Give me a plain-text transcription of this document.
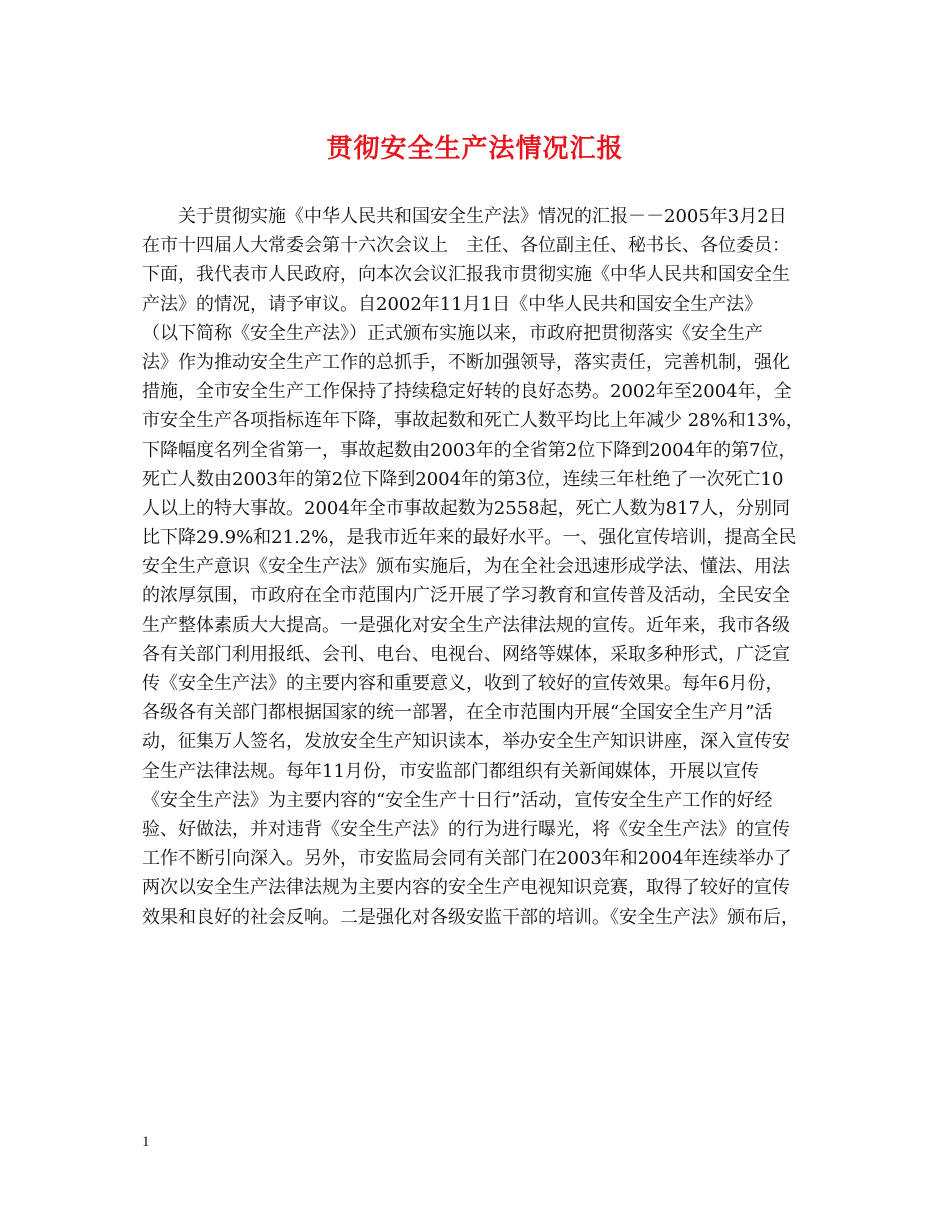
贯彻安全生产法情况汇报
关于贯彻实施《中华人民共和国安全生产法》情况的汇报－－2005年3月2日
在市十四届人大常委会第十六次会议上　主任、各位副主任、秘书长、各位委员：
下面，我代表市人民政府，向本次会议汇报我市贯彻实施《中华人民共和国安全生
产法》的情况，请予审议。自2002年11月1日《中华人民共和国安全生产法》
（以下简称《安全生产法》）正式颁布实施以来，市政府把贯彻落实《安全生产
法》作为推动安全生产工作的总抓手，不断加强领导，落实责任，完善机制，强化
措施，全市安全生产工作保持了持续稳定好转的良好态势。2002年至2004年，全
市安全生产各项指标连年下降，事故起数和死亡人数平均比上年减少 28%和13%，
下降幅度名列全省第一，事故起数由2003年的全省第2位下降到2004年的第7位，
死亡人数由2003年的第2位下降到2004年的第3位，连续三年杜绝了一次死亡10
人以上的特大事故。2004年全市事故起数为2558起，死亡人数为817人，分别同
比下降29.9%和21.2%，是我市近年来的最好水平。一、强化宣传培训，提高全民
安全生产意识《安全生产法》颁布实施后，为在全社会迅速形成学法、懂法、用法
的浓厚氛围，市政府在全市范围内广泛开展了学习教育和宣传普及活动，全民安全
生产整体素质大大提高。一是强化对安全生产法律法规的宣传。近年来，我市各级
各有关部门利用报纸、会刊、电台、电视台、网络等媒体，采取多种形式，广泛宣
传《安全生产法》的主要内容和重要意义，收到了较好的宣传效果。每年6月份，
各级各有关部门都根据国家的统一部署，在全市范围内开展“全国安全生产月”活
动，征集万人签名，发放安全生产知识读本，举办安全生产知识讲座，深入宣传安
全生产法律法规。每年11月份，市安监部门都组织有关新闻媒体，开展以宣传
《安全生产法》为主要内容的“安全生产十日行”活动，宣传安全生产工作的好经
验、好做法，并对违背《安全生产法》的行为进行曝光，将《安全生产法》的宣传
工作不断引向深入。另外，市安监局会同有关部门在2003年和2004年连续举办了
两次以安全生产法律法规为主要内容的安全生产电视知识竞赛，取得了较好的宣传
效果和良好的社会反响。二是强化对各级安监干部的培训。《安全生产法》颁布后，
1
